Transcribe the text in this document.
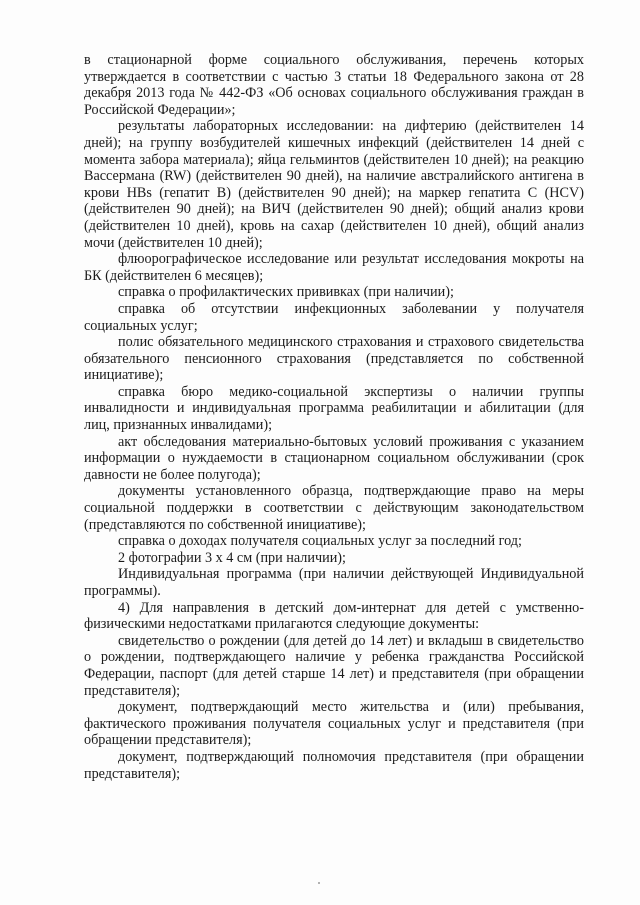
в стационарной форме социального обслуживания, перечень которых утверждается в соответствии с частью 3 статьи 18 Федерального закона от 28 декабря 2013 года № 442-ФЗ «Об основах социального обслуживания граждан в Российской Федерации»;

результаты лабораторных исследовании: на дифтерию (действителен 14 дней); на группу возбудителей кишечных инфекций (действителен 14 дней с момента забора материала); яйца гельминтов (действителен 10 дней); на реакцию Вассермана (RW) (действителен 90 дней), на наличие австралийского антигена в крови HBs (гепатит В) (действителен 90 дней); на маркер гепатита С (HCV) (действителен 90 дней); на ВИЧ (действителен 90 дней); общий анализ крови (действителен 10 дней), кровь на сахар (действителен 10 дней), общий анализ мочи (действителен 10 дней);

флюорографическое исследование или результат исследования мокроты на БК (действителен 6 месяцев);

справка о профилактических прививках (при наличии);

справка об отсутствии инфекционных заболевании у получателя социальных услуг;

полис обязательного медицинского страхования и страхового свидетельства обязательного пенсионного страхования (представляется по собственной инициативе);

справка бюро медико-социальной экспертизы о наличии группы инвалидности и индивидуальная программа реабилитации и абилитации (для лиц, признанных инвалидами);

акт обследования материально-бытовых условий проживания с указанием информации о нуждаемости в стационарном социальном обслуживании (срок давности не более полугода);

документы установленного образца, подтверждающие право на меры социальной поддержки в соответствии с действующим законодательством (представляются по собственной инициативе);

справка о доходах получателя социальных услуг за последний год;

2 фотографии 3 х 4 см (при наличии);

Индивидуальная программа (при наличии действующей Индивидуальной программы).

4) Для направления в детский дом-интернат для детей с умственно-физическими недостатками прилагаются следующие документы:

свидетельство о рождении (для детей до 14 лет) и вкладыш в свидетельство о рождении, подтверждающего наличие у ребенка гражданства Российской Федерации, паспорт (для детей старше 14 лет) и представителя (при обращении представителя);

документ, подтверждающий место жительства и (или) пребывания, фактического проживания получателя социальных услуг и представителя (при обращении представителя);

документ, подтверждающий полномочия представителя (при обращении представителя);
